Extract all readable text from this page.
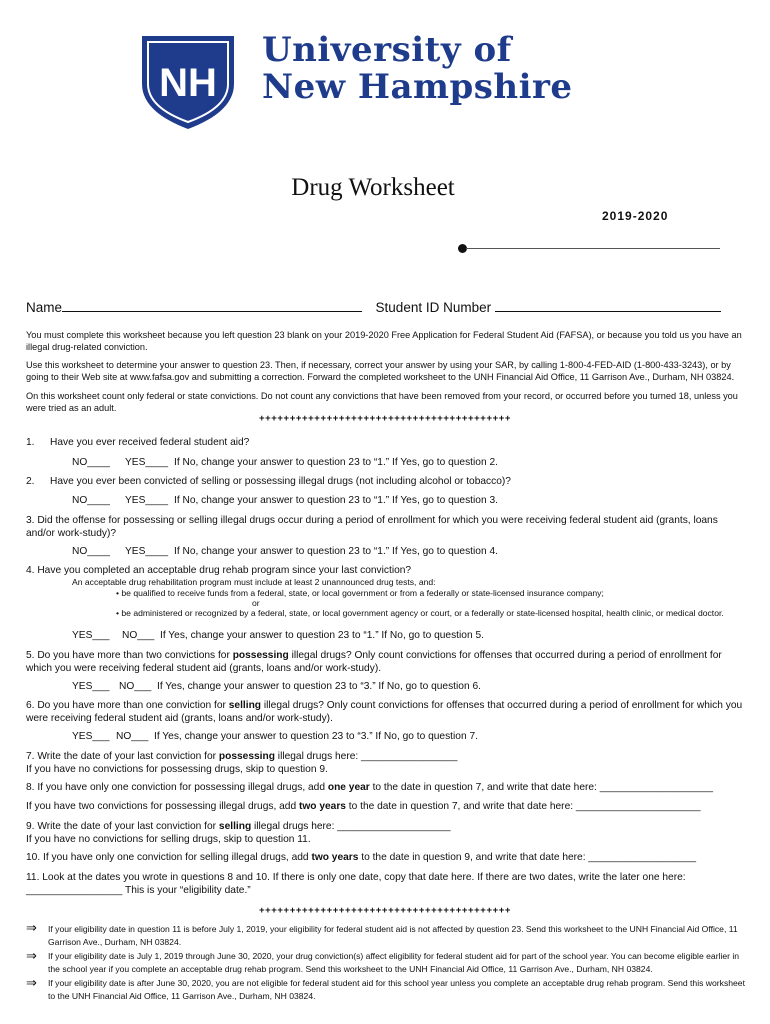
NH
University of
New Hampshire
Drug Worksheet
2019-2020
Name	Student ID Number
You must complete this worksheet because you left question 23 blank on your 2019-2020 Free Application for Federal Student Aid (FAFSA), or because you told us you have an illegal drug-related conviction.
Use this worksheet to determine your answer to question 23. Then, if necessary, correct your answer by using your SAR, by calling 1-800-4-FED-AID (1-800-433-3243), or by going to their Web site at www.fafsa.gov and submitting a correction. Forward the completed worksheet to the UNH Financial Aid Office, 11 Garrison Ave., Durham, NH 03824.
On this worksheet count only federal or state convictions. Do not count any convictions that have been removed from your record, or occurred before you turned 18, unless you were tried as an adult.
+++++++++++++++++++++++++++++++++++++++++
1. Have you ever received federal student aid?
NO____ YES____ If No, change your answer to question 23 to “1.” If Yes, go to question 2.
2. Have you ever been convicted of selling or possessing illegal drugs (not including alcohol or tobacco)?
NO____ YES____ If No, change your answer to question 23 to “1.” If Yes, go to question 3.
3. Did the offense for possessing or selling illegal drugs occur during a period of enrollment for which you were receiving federal student aid (grants, loans and/or work-study)?
NO____ YES____ If No, change your answer to question 23 to “1.” If Yes, go to question 4.
4. Have you completed an acceptable drug rehab program since your last conviction?
An acceptable drug rehabilitation program must include at least 2 unannounced drug tests, and:
• be qualified to receive funds from a federal, state, or local government or from a federally or state-licensed insurance company;
or
• be administered or recognized by a federal, state, or local government agency or court, or a federally or state-licensed hospital, health clinic, or medical doctor.
YES___ NO___ If Yes, change your answer to question 23 to “1.” If No, go to question 5.
5. Do you have more than two convictions for possessing illegal drugs? Only count convictions for offenses that occurred during a period of enrollment for which you were receiving federal student aid (grants, loans and/or work-study).
YES___ NO___ If Yes, change your answer to question 23 to “3.” If No, go to question 6.
6. Do you have more than one conviction for selling illegal drugs? Only count convictions for offenses that occurred during a period of enrollment for which you were receiving federal student aid (grants, loans and/or work-study).
YES___ NO___ If Yes, change your answer to question 23 to “3.” If No, go to question 7.
7. Write the date of your last conviction for possessing illegal drugs here: _________________
If you have no convictions for possessing drugs, skip to question 9.
8. If you have only one conviction for possessing illegal drugs, add one year to the date in question 7, and write that date here: ____________________
If you have two convictions for possessing illegal drugs, add two years to the date in question 7, and write that date here: ______________________
9. Write the date of your last conviction for selling illegal drugs here: ____________________
If you have no convictions for selling drugs, skip to question 11.
10. If you have only one conviction for selling illegal drugs, add two years to the date in question 9, and write that date here: ___________________
11. Look at the dates you wrote in questions 8 and 10. If there is only one date, copy that date here. If there are two dates, write the later one here:
_________________ This is your “eligibility date.”
+++++++++++++++++++++++++++++++++++++++++
⇒ If your eligibility date in question 11 is before July 1, 2019, your eligibility for federal student aid is not affected by question 23. Send this worksheet to the UNH Financial Aid Office, 11 Garrison Ave., Durham, NH 03824.
⇒ If your eligibility date is July 1, 2019 through June 30, 2020, your drug conviction(s) affect eligibility for federal student aid for part of the school year. You can become eligible earlier in the school year if you complete an acceptable drug rehab program. Send this worksheet to the UNH Financial Aid Office, 11 Garrison Ave., Durham, NH 03824.
⇒ If your eligibility date is after June 30, 2020, you are not eligible for federal student aid for this school year unless you complete an acceptable drug rehab program. Send this worksheet to the UNH Financial Aid Office, 11 Garrison Ave., Durham, NH 03824.
